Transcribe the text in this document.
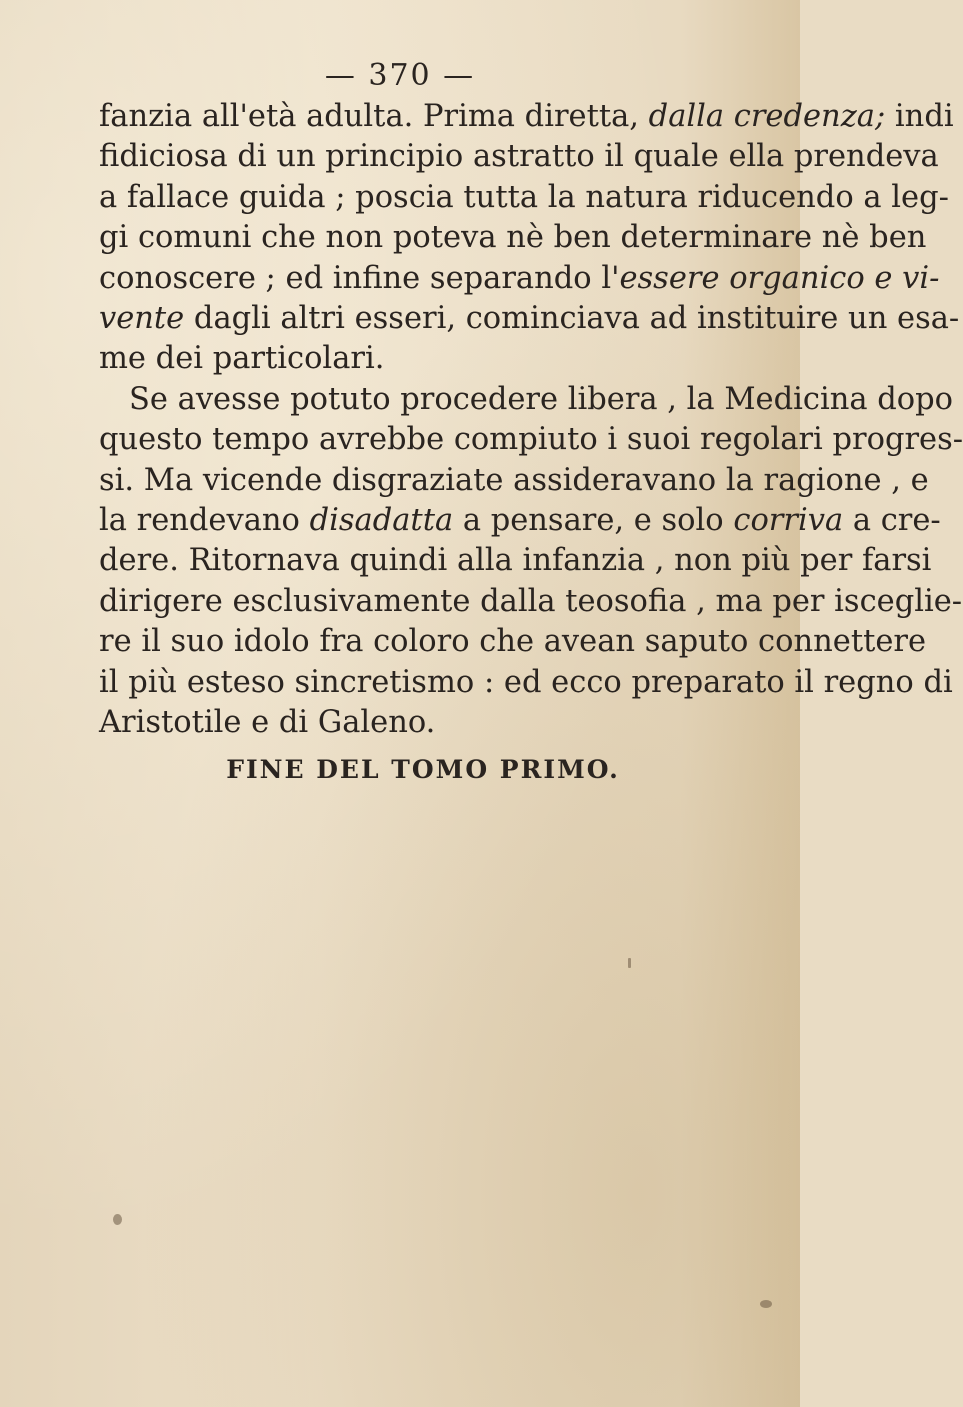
— 370 —
fanzia all'età adulta. Prima diretta, dalla credenza; indi
fidiciosa di un principio astratto il quale ella prendeva
a fallace guida ; poscia tutta la natura riducendo a leg-
gi comuni che non poteva nè ben determinare nè ben
conoscere ; ed infine separando l'essere organico e vi-
vente dagli altri esseri, cominciava ad instituire un esa-
me dei particolari.
Se avesse potuto procedere libera , la Medicina dopo
questo tempo avrebbe compiuto i suoi regolari progres-
si. Ma vicende disgraziate assideravano la ragione , e
la rendevano disadatta a pensare, e solo corriva a cre-
dere. Ritornava quindi alla infanzia , non più per farsi
dirigere esclusivamente dalla teosofia , ma per isceglie-
re il suo idolo fra coloro che avean saputo connettere
il più esteso sincretismo : ed ecco preparato il regno di
Aristotile e di Galeno.
FINE DEL TOMO PRIMO.
